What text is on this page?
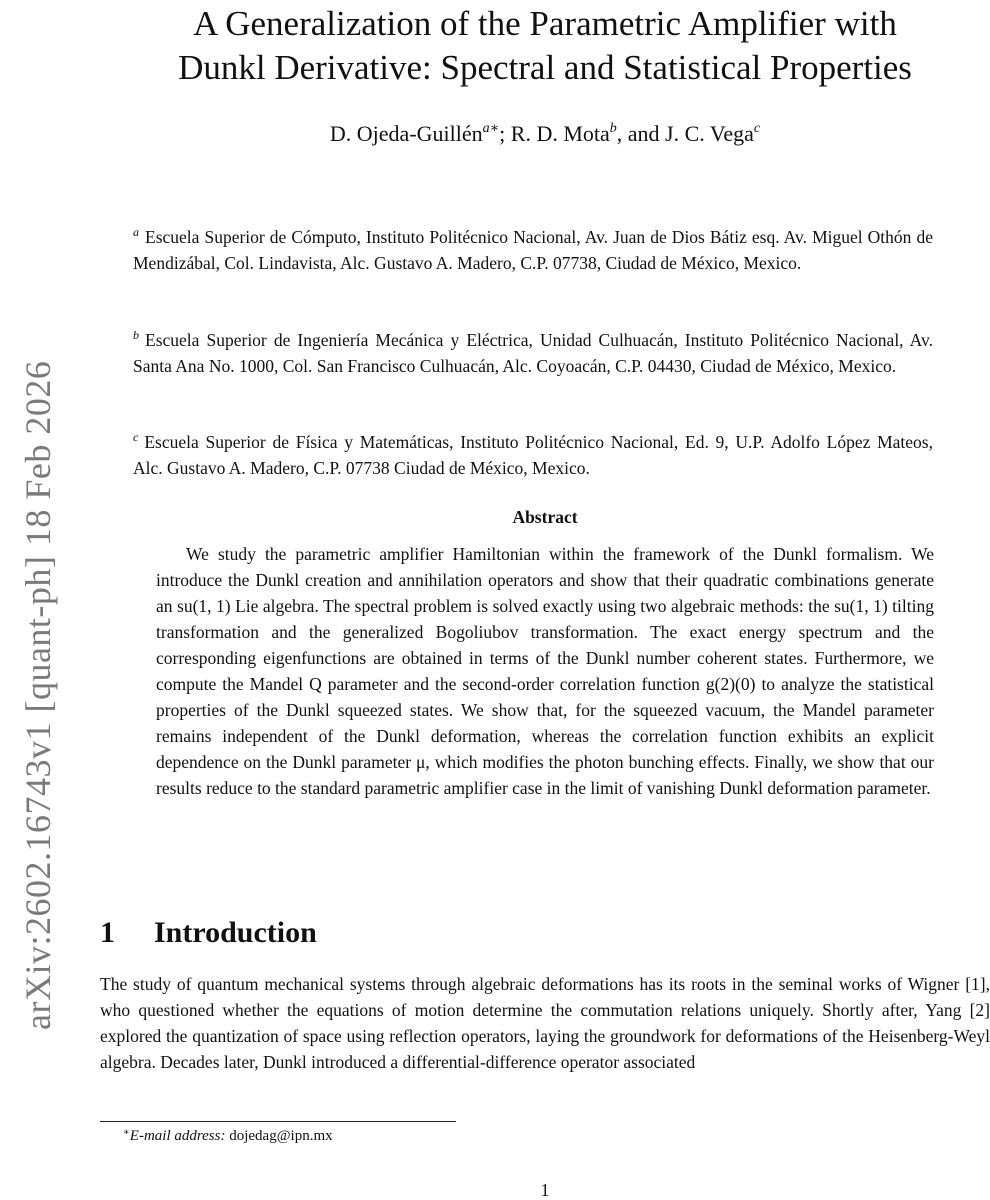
arXiv:2602.16743v1 [quant-ph] 18 Feb 2026
A Generalization of the Parametric Amplifier with
Dunkl Derivative: Spectral and Statistical Properties
D. Ojeda-Guillén$^{a∗}$; R. D. Mota$^b$, and J. C. Vega$^c$

$^a$ Escuela Superior de Cómputo, Instituto Politécnico Nacional, Av. Juan de Dios Bátiz esq. Av. Miguel Othón de Mendizábal, Col. Lindavista, Alc. Gustavo A. Madero, C.P. 07738, Ciudad de México, Mexico.

$^b$ Escuela Superior de Ingeniería Mecánica y Eléctrica, Unidad Culhuacán, Instituto Politécnico Nacional, Av. Santa Ana No. 1000, Col. San Francisco Culhuacán, Alc. Coyoacán, C.P. 04430, Ciudad de México, Mexico.

$^c$ Escuela Superior de Física y Matemáticas, Instituto Politécnico Nacional, Ed. 9, U.P. Adolfo López Mateos, Alc. Gustavo A. Madero, C.P. 07738 Ciudad de México, Mexico.

Abstract

We study the parametric amplifier Hamiltonian within the framework of the Dunkl formalism. We introduce the Dunkl creation and annihilation operators and show that their quadratic combinations generate an su(1, 1) Lie algebra. The spectral problem is solved exactly using two algebraic methods: the su(1, 1) tilting transformation and the generalized Bogoliubov transformation. The exact energy spectrum and the corresponding eigenfunctions are obtained in terms of the Dunkl number coherent states. Furthermore, we compute the Mandel Q parameter and the second-order correlation function g(2)(0) to analyze the statistical properties of the Dunkl squeezed states. We show that, for the squeezed vacuum, the Mandel parameter remains independent of the Dunkl deformation, whereas the correlation function exhibits an explicit dependence on the Dunkl parameter μ, which modifies the photon bunching effects. Finally, we show that our results reduce to the standard parametric amplifier case in the limit of vanishing Dunkl deformation parameter.

1 Introduction

The study of quantum mechanical systems through algebraic deformations has its roots in the seminal works of Wigner [1], who questioned whether the equations of motion determine the commutation relations uniquely. Shortly after, Yang [2] explored the quantization of space using reflection operators, laying the groundwork for deformations of the Heisenberg-Weyl algebra. Decades later, Dunkl introduced a differential-difference operator associated

∗E-mail address: dojedag@ipn.mx
1
